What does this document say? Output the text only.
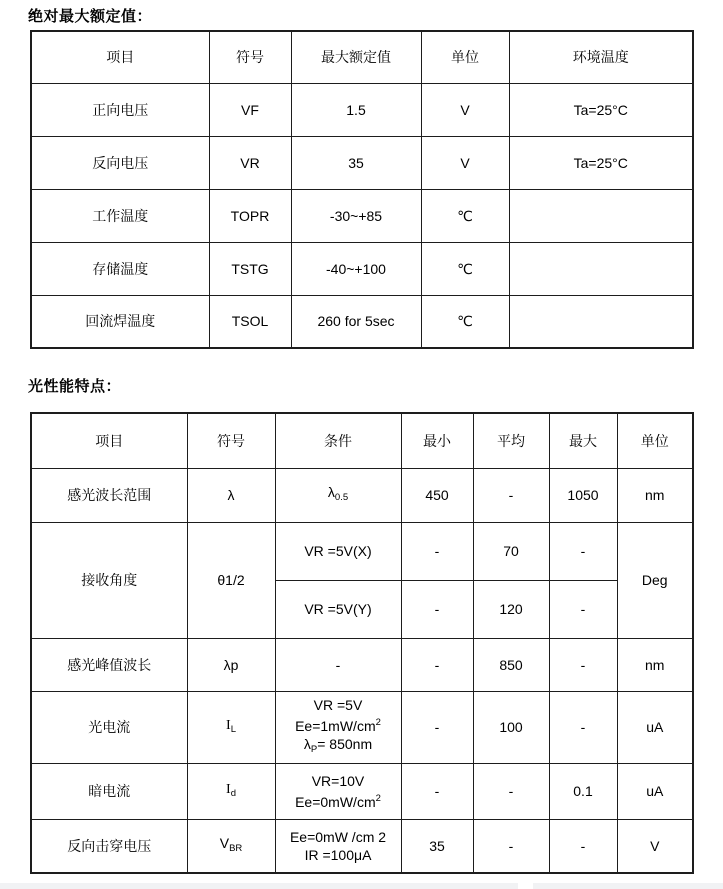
绝对最大额定值：
项目	符号	最大额定值	单位	环境温度

正向电压	VF	1.5	V	Ta=25°C

反向电压	VR	35	V	Ta=25°C

工作温度	TOPR	-30~+85	℃	

存储温度	TSTG	-40~+100	℃	

回流焊温度	TSOL	260 for 5sec	℃	

光性能特点：
项目	符号	条件	最小	平均	最大	单位

感光波长范围	λ	$\lambda_{0.5}$	450	-	1050	nm

接收角度	θ1/2	VR =5V(X)	-	70	-	Deg

		VR =5V(Y)	-	120	-	

感光峰值波长	λp	-	-	850	-	nm

光电流	$I_L$	VR =5V
$Ee=1mW/cm^2$
$\lambda_P= 850nm$	-	100	-	uA

暗电流	$I_d$	VR=10V
$Ee=0mW/cm^2$	-	-	0.1	uA

反向击穿电压	$V_{BR}$	Ee=0mW /cm 2
IR =100μA	35	-	-	V
